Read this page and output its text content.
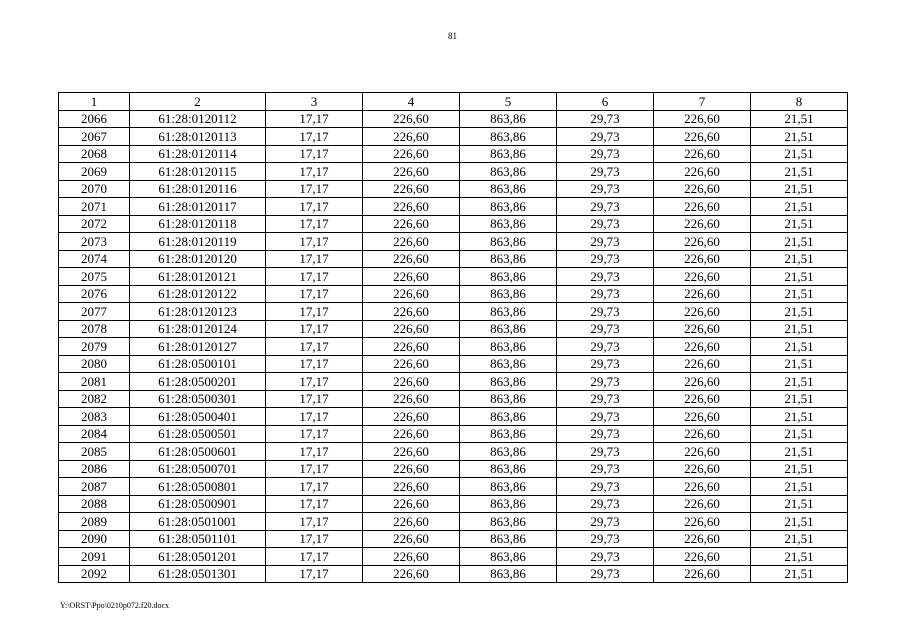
81
1	2	3	4	5	6	7	8
2066	61:28:0120112	17,17	226,60	863,86	29,73	226,60	21,51
2067	61:28:0120113	17,17	226,60	863,86	29,73	226,60	21,51
2068	61:28:0120114	17,17	226,60	863,86	29,73	226,60	21,51
2069	61:28:0120115	17,17	226,60	863,86	29,73	226,60	21,51
2070	61:28:0120116	17,17	226,60	863,86	29,73	226,60	21,51
2071	61:28:0120117	17,17	226,60	863,86	29,73	226,60	21,51
2072	61:28:0120118	17,17	226,60	863,86	29,73	226,60	21,51
2073	61:28:0120119	17,17	226,60	863,86	29,73	226,60	21,51
2074	61:28:0120120	17,17	226,60	863,86	29,73	226,60	21,51
2075	61:28:0120121	17,17	226,60	863,86	29,73	226,60	21,51
2076	61:28:0120122	17,17	226,60	863,86	29,73	226,60	21,51
2077	61:28:0120123	17,17	226,60	863,86	29,73	226,60	21,51
2078	61:28:0120124	17,17	226,60	863,86	29,73	226,60	21,51
2079	61:28:0120127	17,17	226,60	863,86	29,73	226,60	21,51
2080	61:28:0500101	17,17	226,60	863,86	29,73	226,60	21,51
2081	61:28:0500201	17,17	226,60	863,86	29,73	226,60	21,51
2082	61:28:0500301	17,17	226,60	863,86	29,73	226,60	21,51
2083	61:28:0500401	17,17	226,60	863,86	29,73	226,60	21,51
2084	61:28:0500501	17,17	226,60	863,86	29,73	226,60	21,51
2085	61:28:0500601	17,17	226,60	863,86	29,73	226,60	21,51
2086	61:28:0500701	17,17	226,60	863,86	29,73	226,60	21,51
2087	61:28:0500801	17,17	226,60	863,86	29,73	226,60	21,51
2088	61:28:0500901	17,17	226,60	863,86	29,73	226,60	21,51
2089	61:28:0501001	17,17	226,60	863,86	29,73	226,60	21,51
2090	61:28:0501101	17,17	226,60	863,86	29,73	226,60	21,51
2091	61:28:0501201	17,17	226,60	863,86	29,73	226,60	21,51
2092	61:28:0501301	17,17	226,60	863,86	29,73	226,60	21,51
Y:\ORST\Ppo\0210p072.f20.docx
